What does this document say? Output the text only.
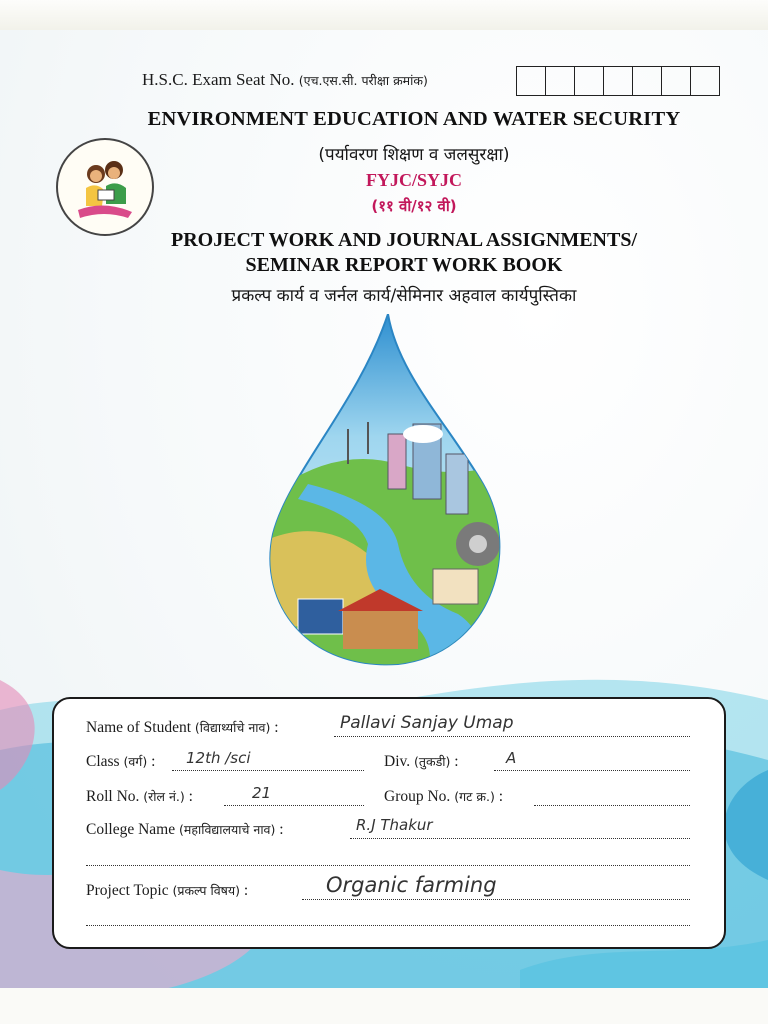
H.S.C. Exam Seat No. (एच.एस.सी. परीक्षा क्रमांक)
ENVIRONMENT EDUCATION AND WATER SECURITY
(पर्यावरण शिक्षण व जलसुरक्षा)
FYJC/SYJC
(११ वी/१२ वी)
PROJECT WORK AND JOURNAL ASSIGNMENTS/
SEMINAR REPORT WORK BOOK
प्रकल्प कार्य व जर्नल कार्य/सेमिनार अहवाल कार्यपुस्तिका
Name of Student (विद्यार्थ्याचे नाव) :	Pallavi Sanjay Umap
Class (वर्ग) : 12th /sci	Div. (तुकडी) :	A
Roll No. (रोल नं.) :	21	Group No. (गट क्र.) :
College Name (महाविद्यालयाचे नाव) :	R.J Thakur
Project Topic (प्रकल्प विषय) :	Organic farming
